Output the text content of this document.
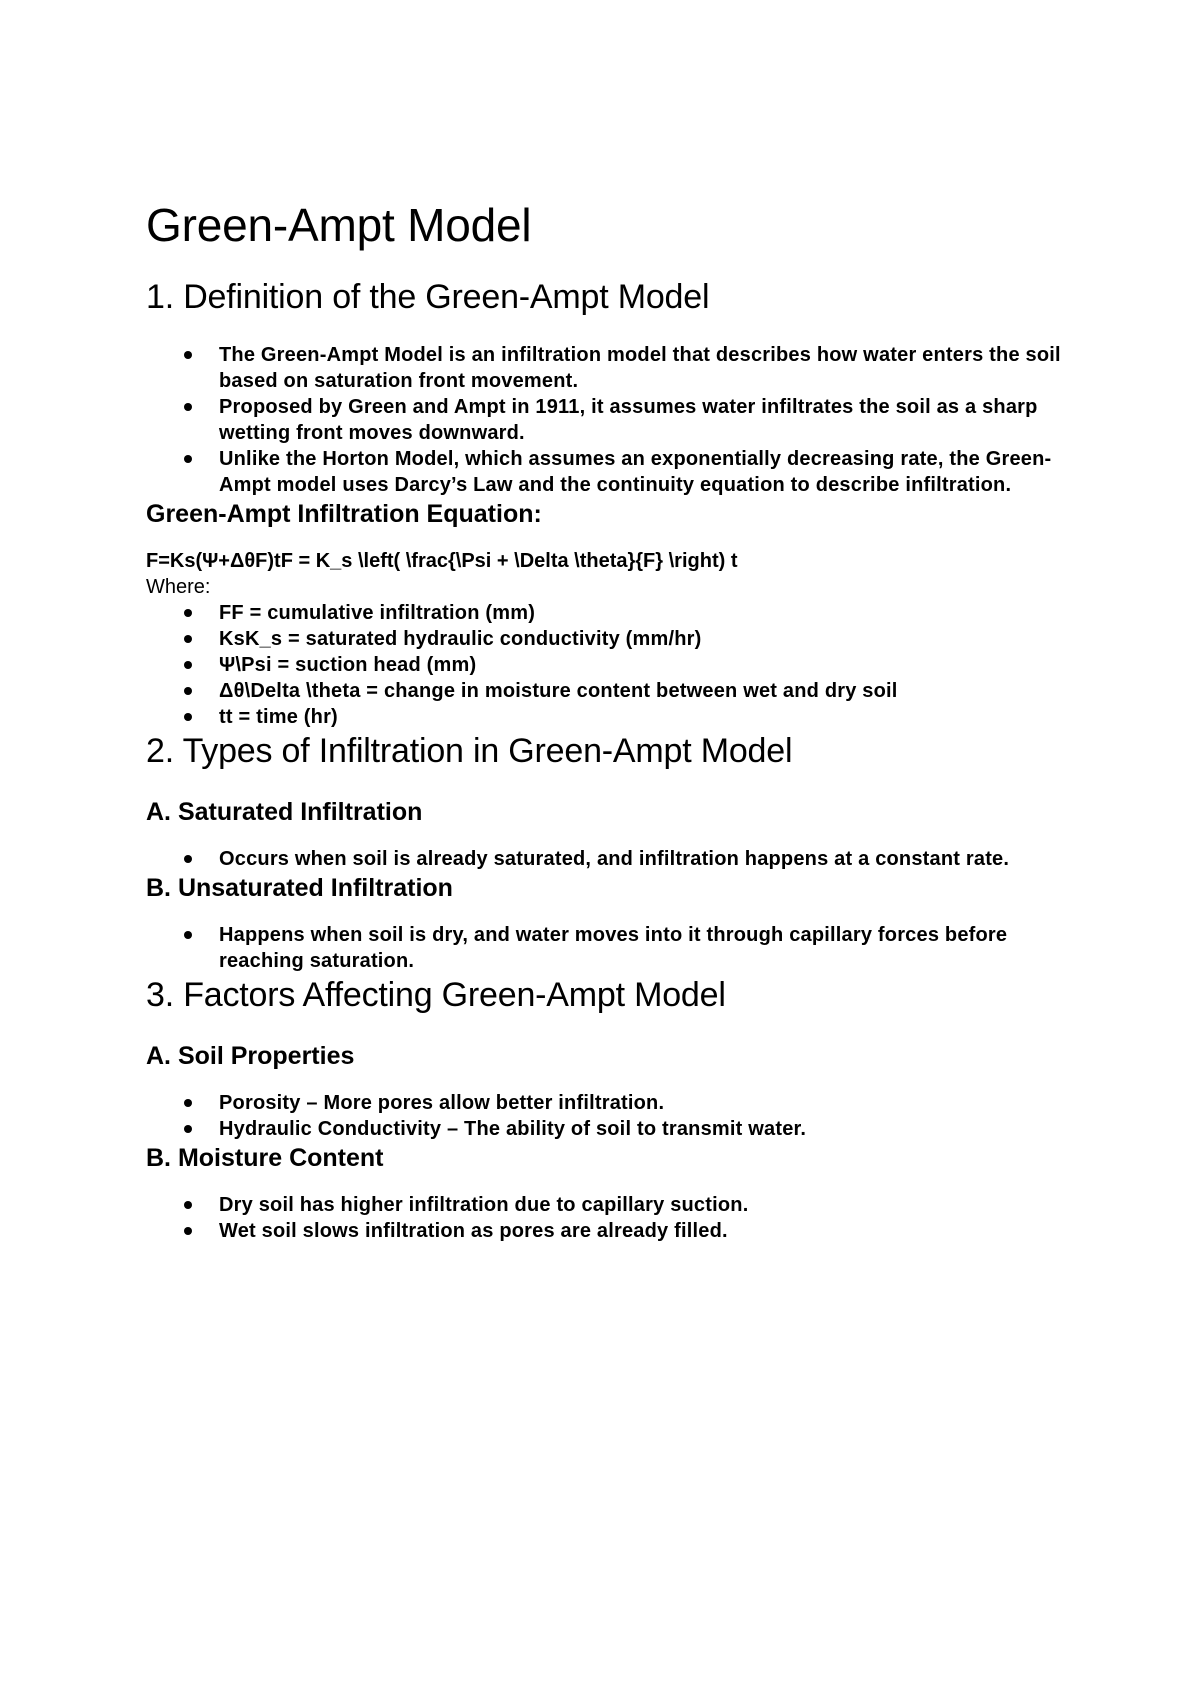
Green-Ampt Model
1. Definition of the Green-Ampt Model
The Green-Ampt Model is an infiltration model that describes how water enters the soil based on saturation front movement.
Proposed by Green and Ampt in 1911, it assumes water infiltrates the soil as a sharp wetting front moves downward.
Unlike the Horton Model, which assumes an exponentially decreasing rate, the Green-Ampt model uses Darcy’s Law and the continuity equation to describe infiltration.
Green-Ampt Infiltration Equation:

F=Ks(Ψ+ΔθF)tF = K_s \left( \frac{\Psi + \Delta \theta}{F} \right) t

Where:

FF = cumulative infiltration (mm)
KsK_s = saturated hydraulic conductivity (mm/hr)
Ψ\Psi = suction head (mm)
Δθ\Delta \theta = change in moisture content between wet and dry soil
tt = time (hr)
2. Types of Infiltration in Green-Ampt Model
A. Saturated Infiltration
Occurs when soil is already saturated, and infiltration happens at a constant rate.
B. Unsaturated Infiltration
Happens when soil is dry, and water moves into it through capillary forces before reaching saturation.
3. Factors Affecting Green-Ampt Model
A. Soil Properties
Porosity – More pores allow better infiltration.
Hydraulic Conductivity – The ability of soil to transmit water.
B. Moisture Content
Dry soil has higher infiltration due to capillary suction.
Wet soil slows infiltration as pores are already filled.
